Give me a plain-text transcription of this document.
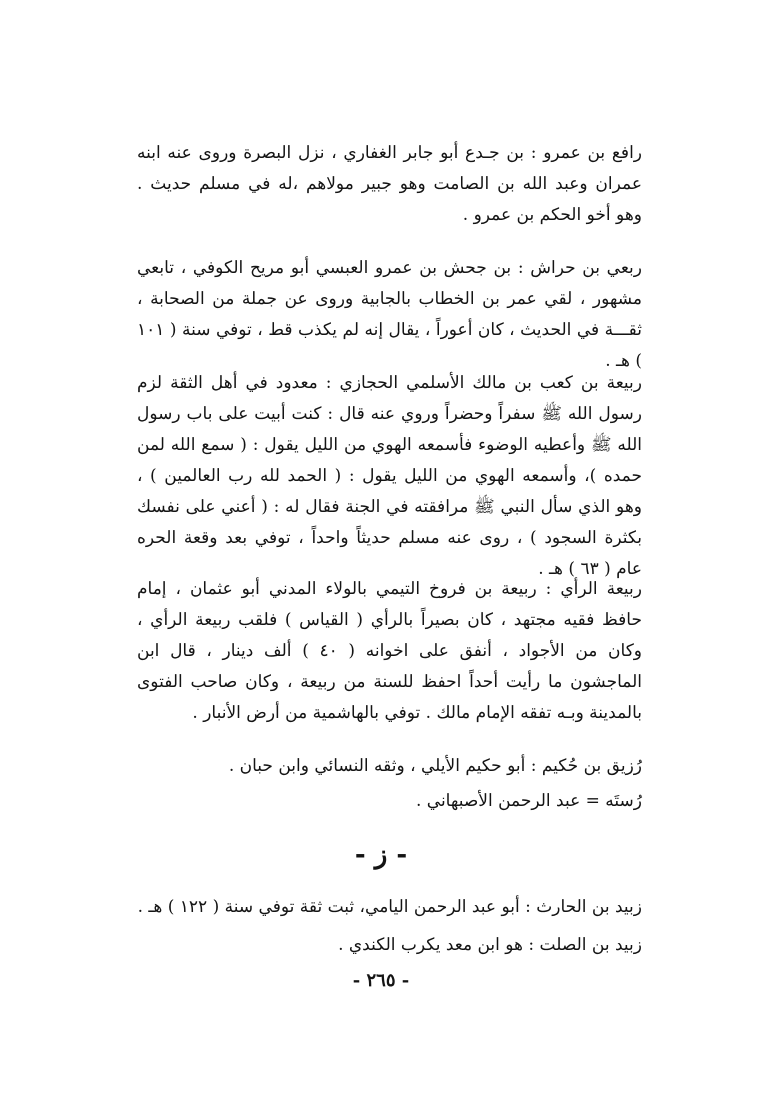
رافع بن عمرو : بن جـدع أبو جابر الغفاري ، نزل البصرة وروى عنه ابنه عمران وعبد الله بن الصامت وهو جبير مولاهم ،له في مسلم حديث . وهو أخو الحكم بن عمرو .

ربعي بن حراش : بن جحش بن عمرو العبسي أبو مريح الكوفي ، تابعي مشهور ، لقي عمر بن الخطاب بالجابية وروى عن جملة من الصحابة ، ثقـــة في الحديث ، كان أعوراً ، يقال إنه لم يكذب قط ، توفي سنة ( ١٠١ ) هـ .

ربيعة بن كعب بن مالك الأسلمي الحجازي : معدود في أهل الثقة لزم رسول الله ﷺ سفراً وحضراً وروي عنه قال : كنت أبيت على باب رسول الله ﷺ وأعطيه الوضوء فأسمعه الهوي من الليل يقول : ( سمع الله لمن حمده )، وأسمعه الهوي من الليل يقول : ( الحمد لله رب العالمين ) ، وهو الذي سأل النبي ﷺ مرافقته في الجنة فقال له : ( أعني على نفسك بكثرة السجود ) ، روى عنه مسلم حديثاً واحداً ، توفي بعد وقعة الحره عام ( ٦٣ ) هـ .

ربيعة الرأي : ربيعة بن فروخ التيمي بالولاء المدني أبو عثمان ، إمام حافظ فقيه مجتهد ، كان بصيراً بالرأي ( القياس ) فلقب ربيعة الرأي ، وكان من الأجواد ، أنفق على اخوانه ( ٤٠ ) ألف دينار ، قال ابن الماجشون ما رأيت أحداً احفظ للسنة من ربيعة ، وكان صاحب الفتوى بالمدينة وبـه تفقه الإمام مالك . توفي بالهاشمية من أرض الأنبار .

رُزيق بن حُكيم : أبو حكيم الأيلي ، وثقه النسائي وابن حبان .

رُستَه = عبد الرحمن الأصبهاني .

- ز -

زبيد بن الحارث : أبو عبد الرحمن اليامي، ثبت ثقة توفي سنة ( ١٢٢ ) هـ .

زبيد بن الصلت : هو ابن معد يكرب الكندي .

- ٢٦٥ -
